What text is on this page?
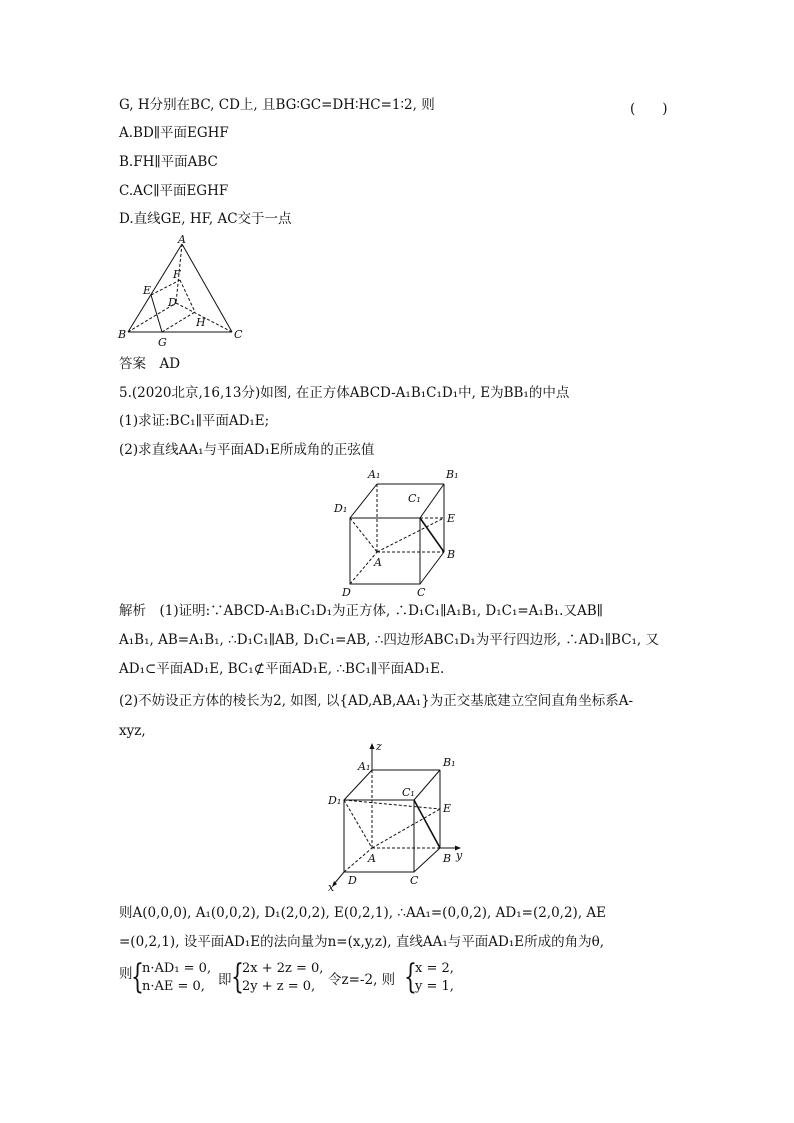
G, H分别在BC, CD上, 且BG∶GC=DH∶HC=1∶2, 则	(　　)
A.BD∥平面EGHF
B.FH∥平面ABC
C.AC∥平面EGHF
D.直线GE, HF, AC交于一点
A
B	C
D
E
F
G
H
答案　AD
5.(2020北京,16,13分)如图, 在正方体ABCD-A₁B₁C₁D₁中, E为BB₁的中点
(1)求证:BC₁∥平面AD₁E;
(2)求直线AA₁与平面AD₁E所成角的正弦值
A₁	B₁
C₁
D₁
E
A
B
C
D
解析　(1)证明:∵ABCD-A₁B₁C₁D₁为正方体, ∴D₁C₁∥A₁B₁, D₁C₁=A₁B₁.又AB∥
A₁B₁, AB=A₁B₁, ∴D₁C₁∥AB, D₁C₁=AB, ∴四边形ABC₁D₁为平行四边形, ∴AD₁∥BC₁, 又
AD₁⊂平面AD₁E, BC₁⊄平面AD₁E, ∴BC₁∥平面AD₁E.
(2)不妨设正方体的棱长为2, 如图, 以{AD,AB,AA₁}为正交基底建立空间直角坐标系A-
xyz,
z
y
x
A₁	B₁
C₁
D₁
E
A	B
C
D
则A(0,0,0), A₁(0,0,2), D₁(2,0,2), E(0,2,1), ∴AA₁=(0,0,2), AD₁=(2,0,2), AE
=(0,2,1), 设平面AD₁E的法向量为n=(x,y,z), 直线AA₁与平面AD₁E所成的角为θ,
则
{
n·AD₁ = 0,
n·AE = 0, 即 {
2x + 2z = 0,
2y + z = 0, 令z=-2, 则 {
x = 2,
y = 1,
